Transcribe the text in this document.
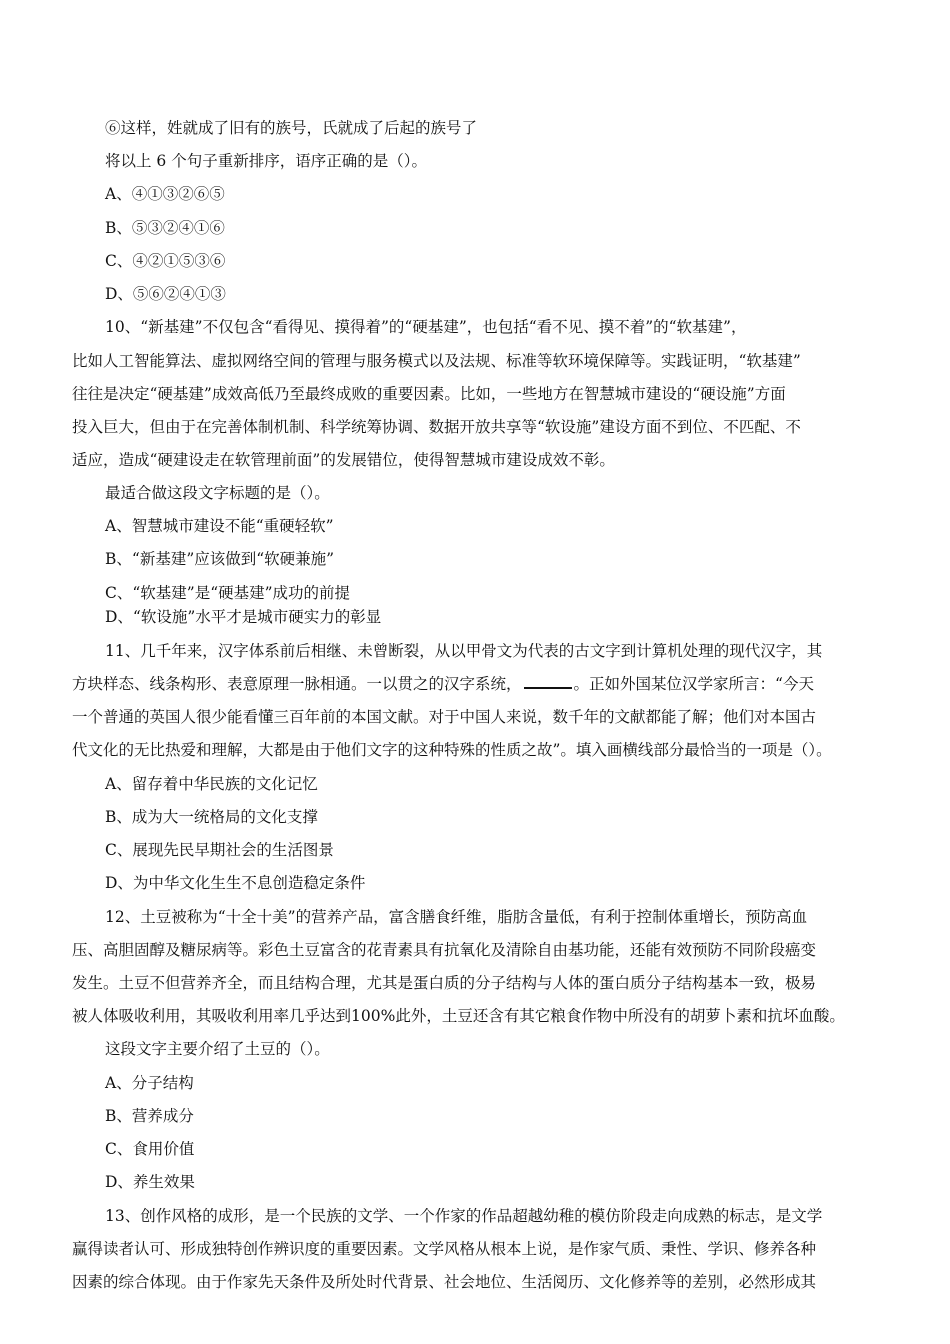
⑥这样，姓就成了旧有的族号，氏就成了后起的族号了
将以上 6 个句子重新排序，语序正确的是（）。
A、④①③②⑥⑤
B、⑤③②④①⑥
C、④②①⑤③⑥
D、⑤⑥②④①③
10、“新基建”不仅包含“看得见、摸得着”的“硬基建”，也包括“看不见、摸不着”的“软基建”，
比如人工智能算法、虚拟网络空间的管理与服务模式以及法规、标准等软环境保障等。实践证明，“软基建”
往往是决定“硬基建”成效高低乃至最终成败的重要因素。比如，一些地方在智慧城市建设的“硬设施”方面
投入巨大，但由于在完善体制机制、科学统筹协调、数据开放共享等“软设施”建设方面不到位、不匹配、不
适应，造成“硬建设走在软管理前面”的发展错位，使得智慧城市建设成效不彰。
最适合做这段文字标题的是（）。
A、智慧城市建设不能“重硬轻软”
B、“新基建”应该做到“软硬兼施”
C、“软基建”是“硬基建”成功的前提
D、“软设施”水平才是城市硬实力的彰显
11、几千年来，汉字体系前后相继、未曾断裂，从以甲骨文为代表的古文字到计算机处理的现代汉字，其
方块样态、线条构形、表意原理一脉相通。一以贯之的汉字系统，	。正如外国某位汉学家所言：“今天
一个普通的英国人很少能看懂三百年前的本国文献。对于中国人来说，数千年的文献都能了解；他们对本国古
代文化的无比热爱和理解，大都是由于他们文字的这种特殊的性质之故”。填入画横线部分最恰当的一项是（）。
A、留存着中华民族的文化记忆
B、成为大一统格局的文化支撑
C、展现先民早期社会的生活图景
D、为中华文化生生不息创造稳定条件
12、土豆被称为“十全十美”的营养产品，富含膳食纤维，脂肪含量低，有利于控制体重增长，预防高血
压、高胆固醇及糖尿病等。彩色土豆富含的花青素具有抗氧化及清除自由基功能，还能有效预防不同阶段癌变
发生。土豆不但营养齐全，而且结构合理，尤其是蛋白质的分子结构与人体的蛋白质分子结构基本一致，极易
被人体吸收利用，其吸收利用率几乎达到100%此外，土豆还含有其它粮食作物中所没有的胡萝卜素和抗坏血酸。
这段文字主要介绍了土豆的（）。
A、分子结构
B、营养成分
C、食用价值
D、养生效果
13、创作风格的成形，是一个民族的文学、一个作家的作品超越幼稚的模仿阶段走向成熟的标志，是文学
赢得读者认可、形成独特创作辨识度的重要因素。文学风格从根本上说，是作家气质、秉性、学识、修养各种
因素的综合体现。由于作家先天条件及所处时代背景、社会地位、生活阅历、文化修养等的差别，必然形成其
